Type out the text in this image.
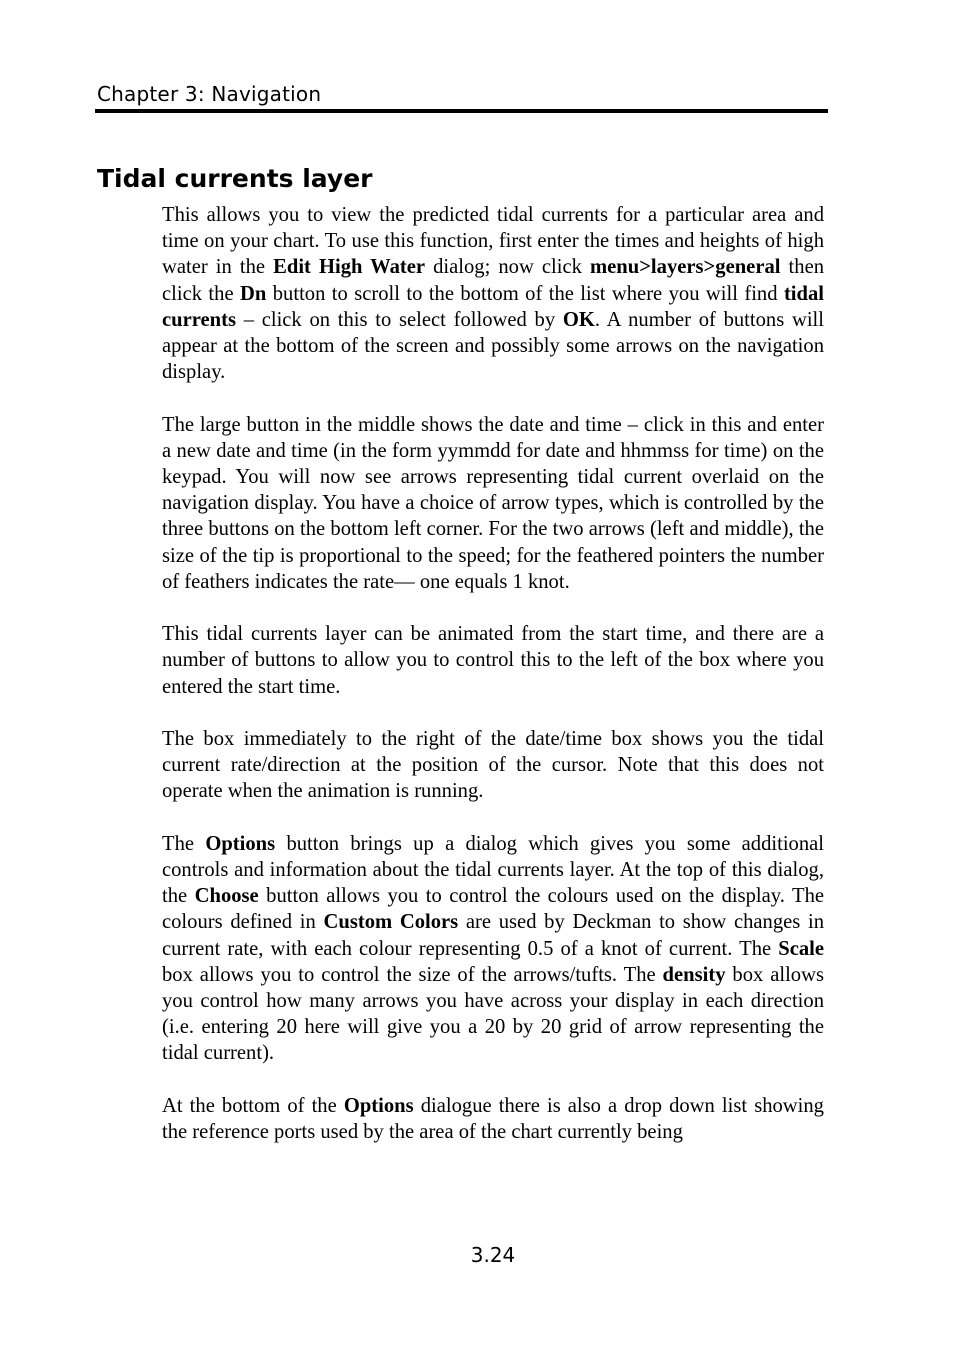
Chapter 3: Navigation
Tidal currents layer

This allows you to view the predicted tidal currents for a particular area and time on your chart. To use this function, first enter the times and heights of high water in the Edit High Water dialog; now click menu>layers>general then click the Dn button to scroll to the bottom of the list where you will find tidal currents – click on this to select followed by OK. A number of buttons will appear at the bottom of the screen and possibly some arrows on the navigation display.

The large button in the middle shows the date and time – click in this and enter a new date and time (in the form yymmdd for date and hhmmss for time) on the keypad. You will now see arrows representing tidal current overlaid on the navigation display. You have a choice of arrow types, which is controlled by the three buttons on the bottom left corner. For the two arrows (left and middle), the size of the tip is proportional to the speed; for the feathered pointers the number of feathers indicates the rate— one equals 1 knot.

This tidal currents layer can be animated from the start time, and there are a number of buttons to allow you to control this to the left of the box where you entered the start time.

The box immediately to the right of the date/time box shows you the tidal current rate/direction at the position of the cursor. Note that this does not operate when the animation is running.

The Options button brings up a dialog which gives you some additional controls and information about the tidal currents layer. At the top of this dialog, the Choose button allows you to control the colours used on the display. The colours defined in Custom Colors are used by Deckman to show changes in current rate, with each colour representing 0.5 of a knot of current. The Scale box allows you to control the size of the arrows/tufts. The density box allows you control how many arrows you have across your display in each direction (i.e. entering 20 here will give you a 20 by 20 grid of arrow representing the tidal current).

At the bottom of the Options dialogue there is also a drop down list showing the reference ports used by the area of the chart currently being

3.24
